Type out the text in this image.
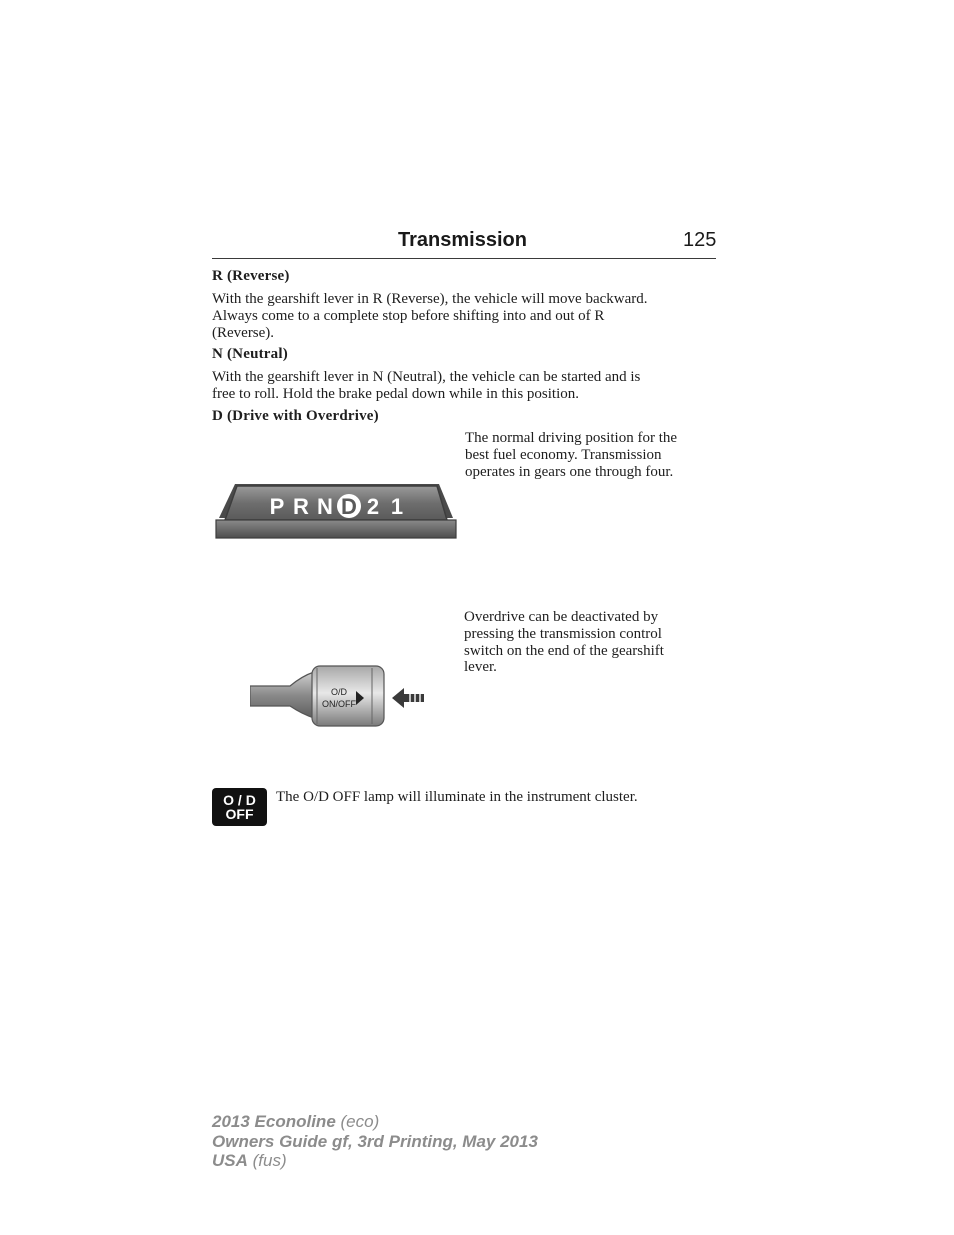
Transmission	125
R (Reverse)
With the gearshift lever in R (Reverse), the vehicle will move backward.
Always come to a complete stop before shifting into and out of R
(Reverse).
N (Neutral)
With the gearshift lever in N (Neutral), the vehicle can be started and is
free to roll. Hold the brake pedal down while in this position.
D (Drive with Overdrive)
The normal driving position for the
best fuel economy. Transmission
operates in gears one through four.
P R N D 2 1
Overdrive can be deactivated by
pressing the transmission control
switch on the end of the gearshift
lever.
O/D
ON/OFF
O / D
OFF
The O/D OFF lamp will illuminate in the instrument cluster.
2013 Econoline (eco)
Owners Guide gf, 3rd Printing, May 2013
USA (fus)
